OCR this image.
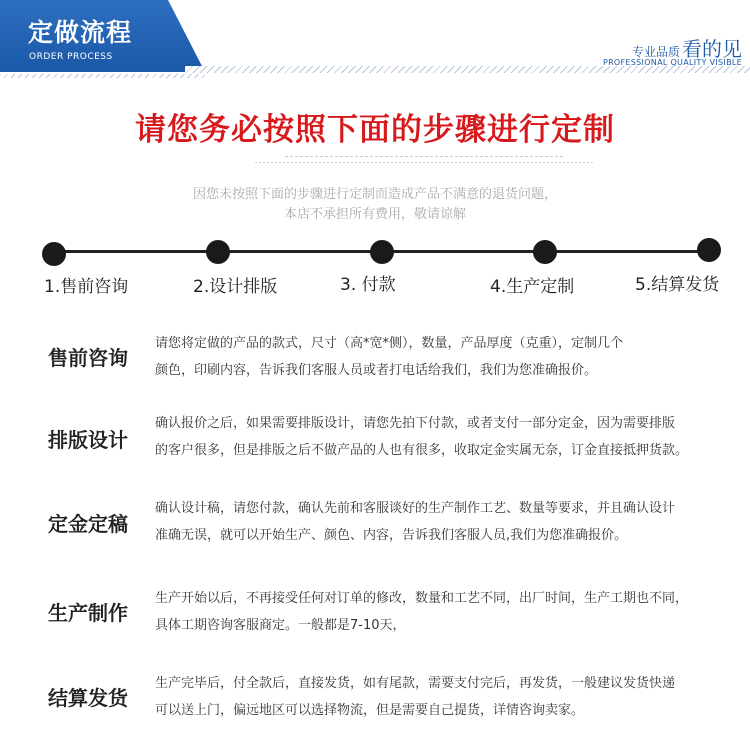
定做流程
ORDER PROCESS	专业品质 看的见
PROFESSIONAL QUALITY VISIBLE
请您务必按照下面的步骤进行定制
因您未按照下面的步骤进行定制而造成产品不满意的退货问题，
本店不承担所有费用，敬请谅解
1.售前咨询	2.设计排版	3. 付款	4.生产定制	5.结算发货
售前咨询
请您将定做的产品的款式，尺寸（高*宽*侧），数量，产品厚度（克重），定制几个
颜色，印刷内容，告诉我们客服人员或者打电话给我们，我们为您准确报价。
排版设计
确认报价之后，如果需要排版设计，请您先拍下付款，或者支付一部分定金，因为需要排版
的客户很多，但是排版之后不做产品的人也有很多，收取定金实属无奈，订金直接抵押货款。
定金定稿
确认设计稿，请您付款，确认先前和客服谈好的生产制作工艺、数量等要求，并且确认设计
准确无误，就可以开始生产、颜色、内容，告诉我们客服人员,我们为您准确报价。
生产制作
生产开始以后，不再接受任何对订单的修改，数量和工艺不同，出厂时间，生产工期也不同，
具体工期咨询客服商定。一般都是7-10天，
结算发货
生产完毕后，付全款后，直接发货，如有尾款，需要支付完后，再发货，一般建议发货快递
可以送上门，偏远地区可以选择物流，但是需要自己提货，详情咨询卖家。
